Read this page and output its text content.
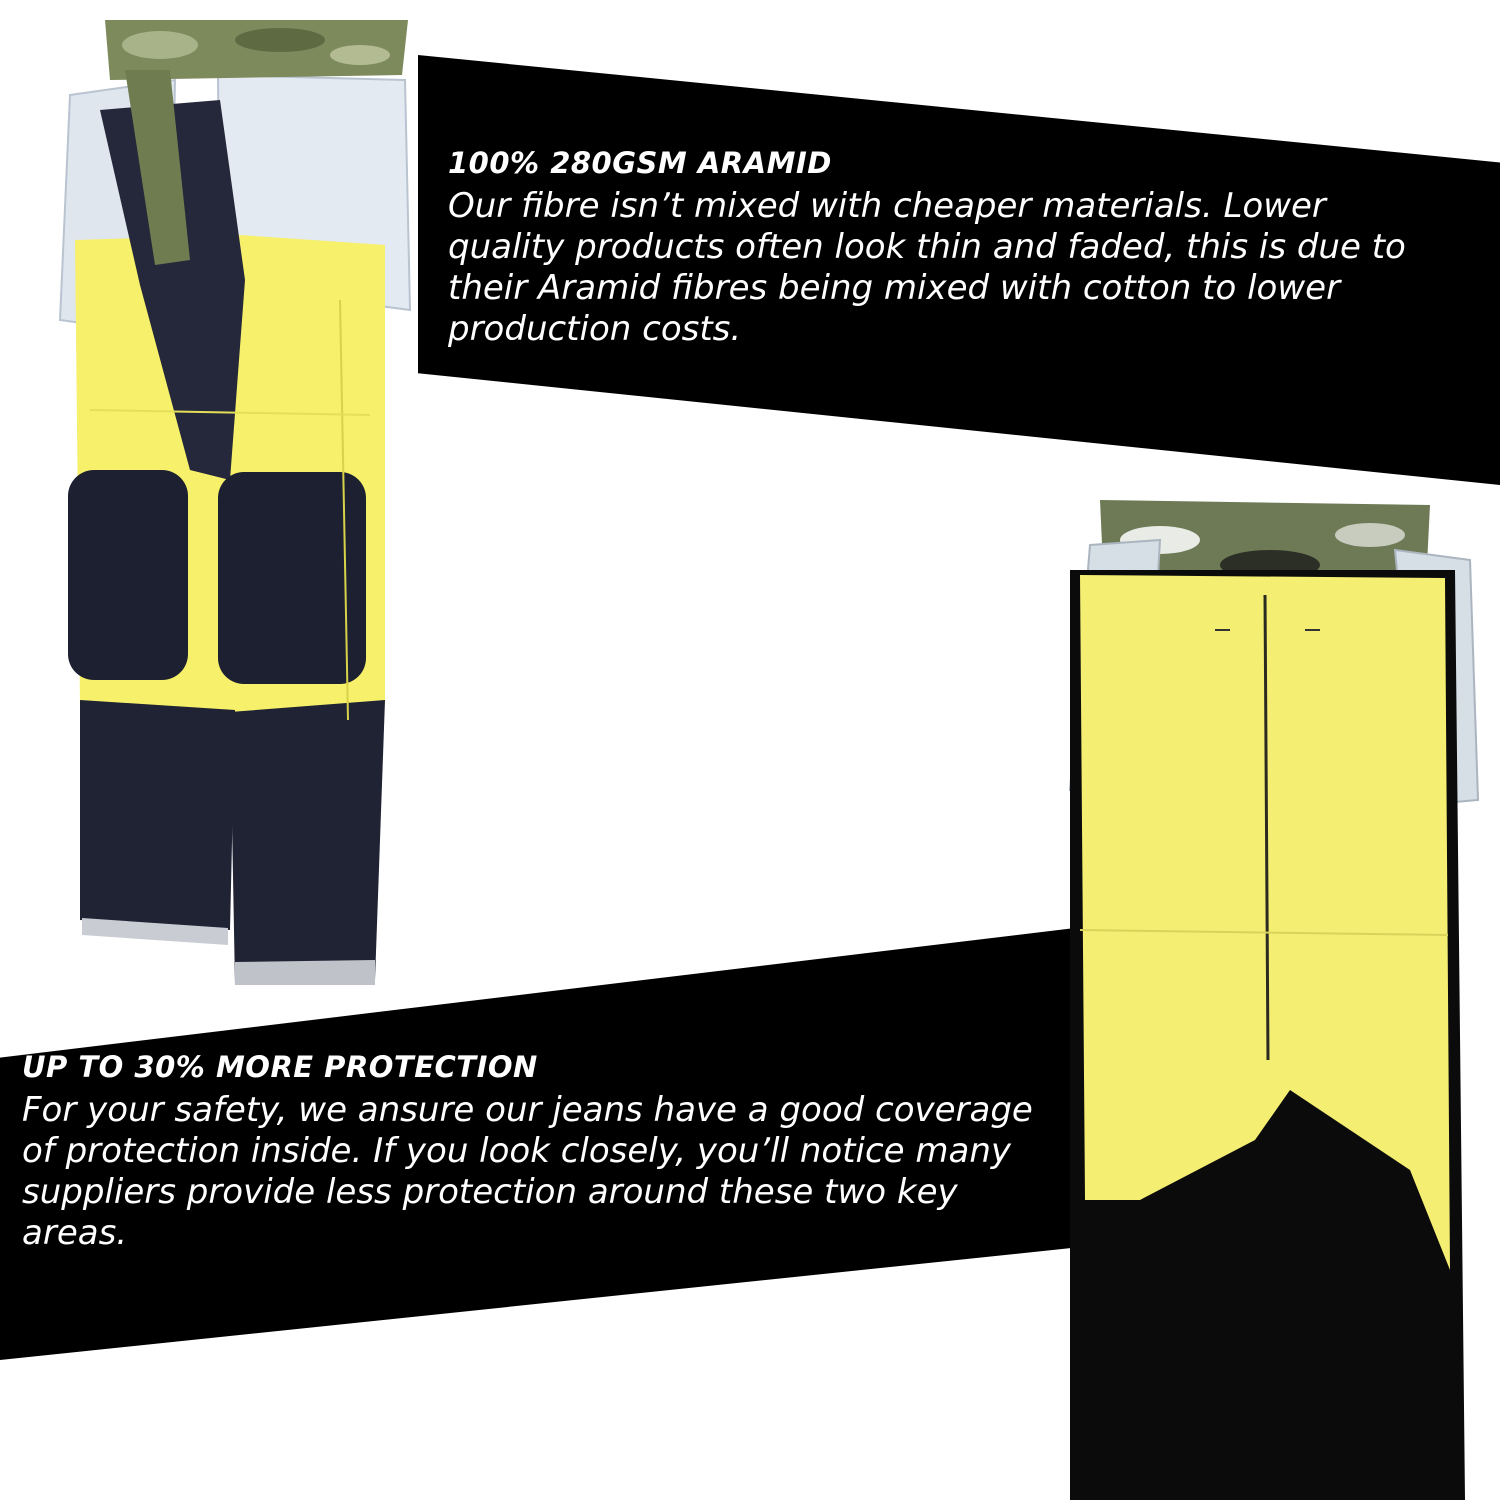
100% 280GSM ARAMID

Our fibre isn’t mixed with cheaper materials. Lower quality products often look thin and faded, this is due to their Aramid fibres being mixed with cotton to lower production costs.

UP TO 30% MORE PROTECTION

For your safety, we ansure our jeans have a good coverage of protection inside. If you look closely, you’ll notice many suppliers provide less protection around these two key areas.
